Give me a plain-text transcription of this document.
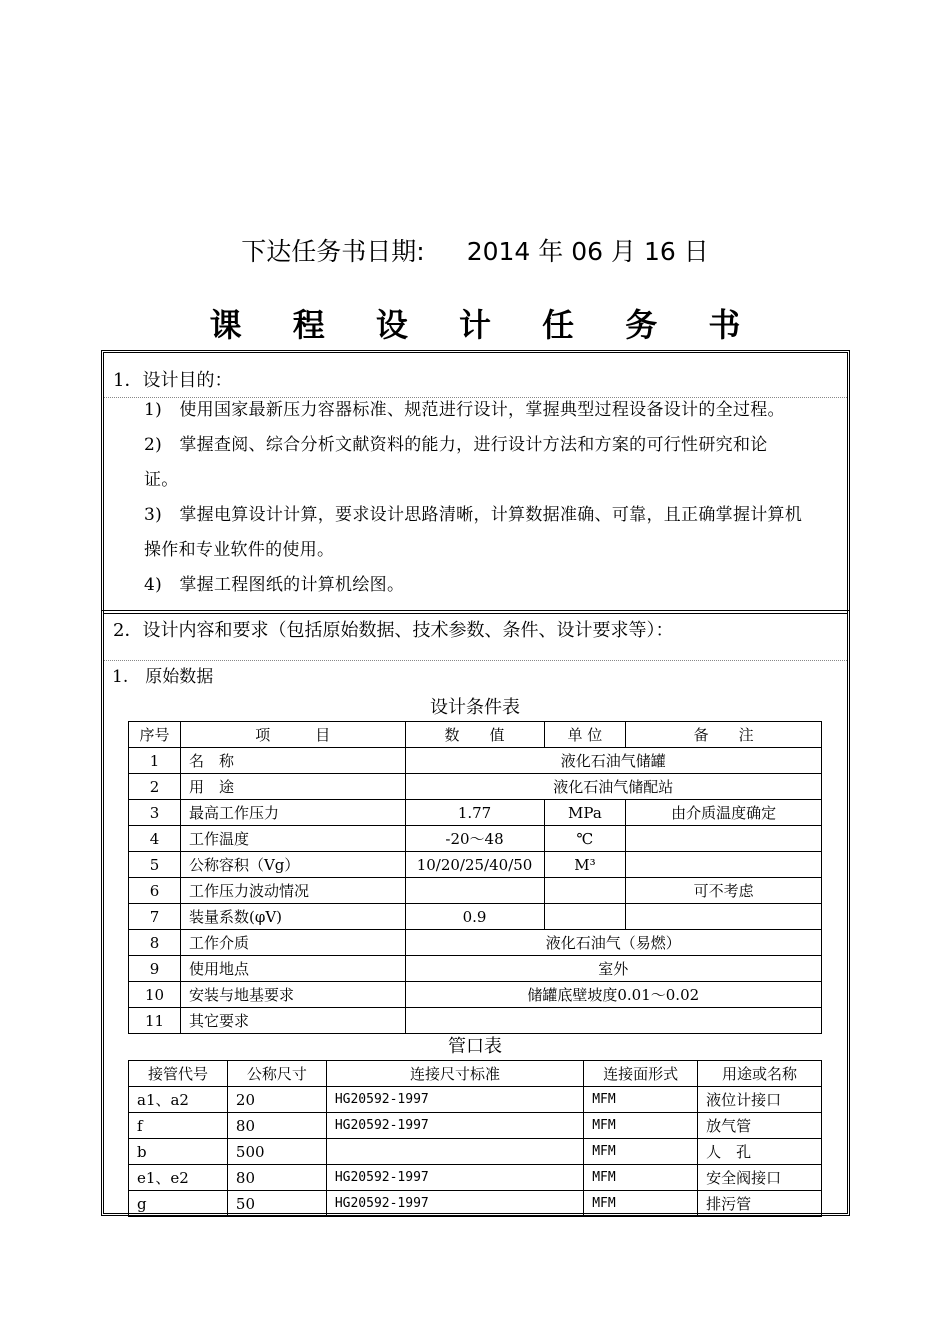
下达任务书日期: 2014 年 06 月 16 日
课 程 设 计 任 务 书
1．设计目的：
1)　使用国家最新压力容器标准、规范进行设计，掌握典型过程设备设计的全过程。
2)　掌握查阅、综合分析文献资料的能力，进行设计方法和方案的可行性研究和论
证。
3)　掌握电算设计计算，要求设计思路清晰，计算数据准确、可靠，且正确掌握计算机
操作和专业软件的使用。
4)　掌握工程图纸的计算机绘图。
2．设计内容和要求（包括原始数据、技术参数、条件、设计要求等）：
1.　原始数据
设计条件表
序号	项　　　目	数　　值	单 位	备　　注
1	名　称	液化石油气储罐		
2	用　途	液化石油气储配站		
3	最高工作压力	1.77	MPa	由介质温度确定
4	工作温度	-20～48	℃	
5	公称容积（Vg）	10/20/25/40/50	M³	
6	工作压力波动情况			可不考虑
7	装量系数(φV)	0.9		
8	工作介质	液化石油气（易燃）		
9	使用地点	室外		
10	安装与地基要求	储罐底壁坡度0.01～0.02		
11	其它要求			
管口表
接管代号	公称尺寸	连接尺寸标准	连接面形式	用途或名称
a1、a2	20	HG20592-1997	MFM	液位计接口
f	80	HG20592-1997	MFM	放气管
b	500		MFM	人　孔
e1、e2	80	HG20592-1997	MFM	安全阀接口
g	50	HG20592-1997	MFM	排污管
